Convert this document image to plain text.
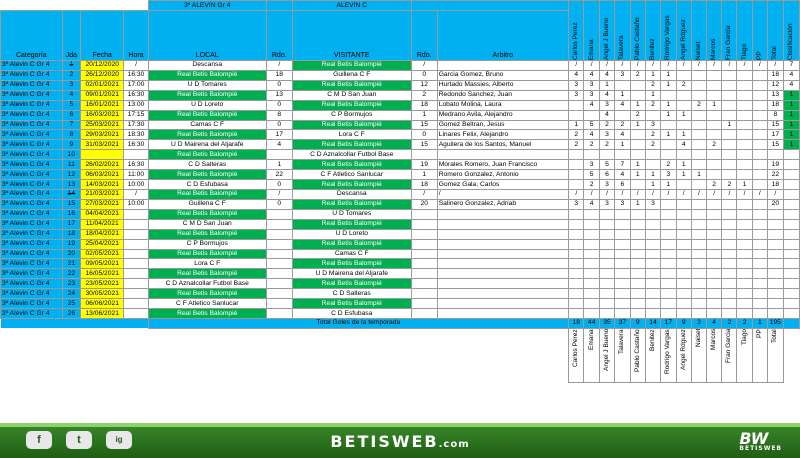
				3ª ALEVIN Gr 4		ALEVIN C			Carlos Perez	Emana	Angel J Bueno	Talavera	Pablo Castaño	Benitez	Rodrigo Vargas	Angel Rdguez	Naiset	Marcos	Fran Garcia	Tiago	PP	Total	Clasificación

Categoría	Jda	Fecha	Hora	LOCAL	Rdo.	VISITANTE	Rdo.	Arbitro															
3ª Alevin C Gr 4	1	20/12/2020	/	Descansa	/	Real Betis Balompié	/		/	/	/	/	/	/	/	/	/	/	/	/	/	/	7
3ª Alevin C Gr 4	2	26/12/2020	16:30	Real Betis Balompié	18	Guillena C F	0	Garcia Gomez, Bruno	4	4	4	3	2	1	1							18	4
3ª Alevin C Gr 4	3	02/01/2021	17:00	U D Tomares	0	Real Betis Balompié	12	Hurtado Massies, Alberto	3	3	1			2	1	2						12	4
3ª Alevin C Gr 4	4	09/01/2021	16:30	Real Betis Balompié	13	C M D San Juan	2	Redondo Sanchez, Juan	3	3	4	1		1								13	1
3ª Alevin C Gr 4	5	16/01/2021	13:00	U D Loreto	0	Real Betis Balompié	18	Lobato Molina, Laura		4	3	4	1	2	1		2	1				18	1
3ª Alevin C Gr 4	6	16/03/2021	17:15	Real Betis Balompié	8	C P Bormujos	1	Medrano Avila, Alejandro			4		2		1	1						8	1
3ª Alevin C Gr 4	7	25/03/2021	17:30	Camas C F	0	Real Betis Balompié	15	Gomez Beltran, Jesus	1	5	2	2	1	3					1			15	1
3ª Alevin C Gr 4	8	29/03/2021	18:30	Real Betis Balompié	17	Lora C F	0	Linares Felix, Alejandro	2	4	3	4		2	1	1						17	1
3ª Alevin C Gr 4	9	31/03/2021	16:30	U D Mairena del Aljarafe	4	Real Betis Balompié	15	Aguilera de los Santos, Manuel	2	2	2	1		2		4		2				15	1
3ª Alevin C Gr 4	10			Real Betis Balompié		C D Aznalcollar Futbol Base																	
3ª Alevin C Gr 4	11	26/02/2021	16:30	C D Salteras	1	Real Betis Balompié	19	Morales Romero, Juan Francisco		3	5	7	1		2	1						19	
3ª Alevin C Gr 4	12	06/03/2021	11:00	Real Betis Balompié	22	C F Atletico Sanlucar	1	Romero Gonzalez, Antonio		5	6	4	1	1	3	1	1					22	
3ª Alevin C Gr 4	13	14/03/2021	10:00	C D Esfubasa	0	Real Betis Balompié	18	Gomez Gala, Carlos		2	3	6		1	1			2	2	1		18	
3ª Alevin C Gr 4	14	21/03/2021	/	Real Betis Balompié	/	Descansa	/	/	/	/	/	/	/	/	/	/	/	/	/	/	/	/	
3ª Alevin C Gr 4	15	27/03/2021	10:00	Guillena C F	0	Real Betis Balompié	20	Salinero Gonzalez, Adriab	3	4	3	3	1	3								20	
3ª Alevin C Gr 4	16	04/04/2021		Real Betis Balompié		U D Tomares																	
3ª Alevin C Gr 4	17	11/04/2021		C M D San Juan		Real Betis Balompié																	
3ª Alevin C Gr 4	18	18/04/2021		Real Betis Balompié		U D Loreto																	
3ª Alevin C Gr 4	19	25/04/2021		C P Bormujos		Real Betis Balompié																	
3ª Alevin C Gr 4	20	02/05/2021		Real Betis Balompié		Camas C F																	
3ª Alevin C Gr 4	21	09/05/2021		Lora C F		Real Betis Balompié																	
3ª Alevin C Gr 4	22	16/05/2021		Real Betis Balompié		U D Mairena del Aljarafe																	
3ª Alevin C Gr 4	23	23/05/2021		C D Aznalcollar Futbol Base		Real Betis Balompié																	
3ª Alevin C Gr 4	24	30/05/2021		Real Betis Balompié		C D Salteras																	
3ª Alevin C Gr 4	25	06/06/2021		C F Atletico Sanlucar		Real Betis Balompié																	
3ª Alevin C Gr 4	26	13/06/2021		Real Betis Balompié		C D Esfubasa																	
				Total Goles de la temporada					18	44	35	37	9	14	17	9	3	4	2	2	1	195	

									Carlos Perez	Emana	Angel J Bueno	Talavera	Pablo Castaño	Benitez	Rodrigo Vargas	Angel Rdguez	Naiset	Marcos	Fran Garcia	Tiago	PP	Total	

f	t	ig	BETISWEB.com	BW
BETISWEB
